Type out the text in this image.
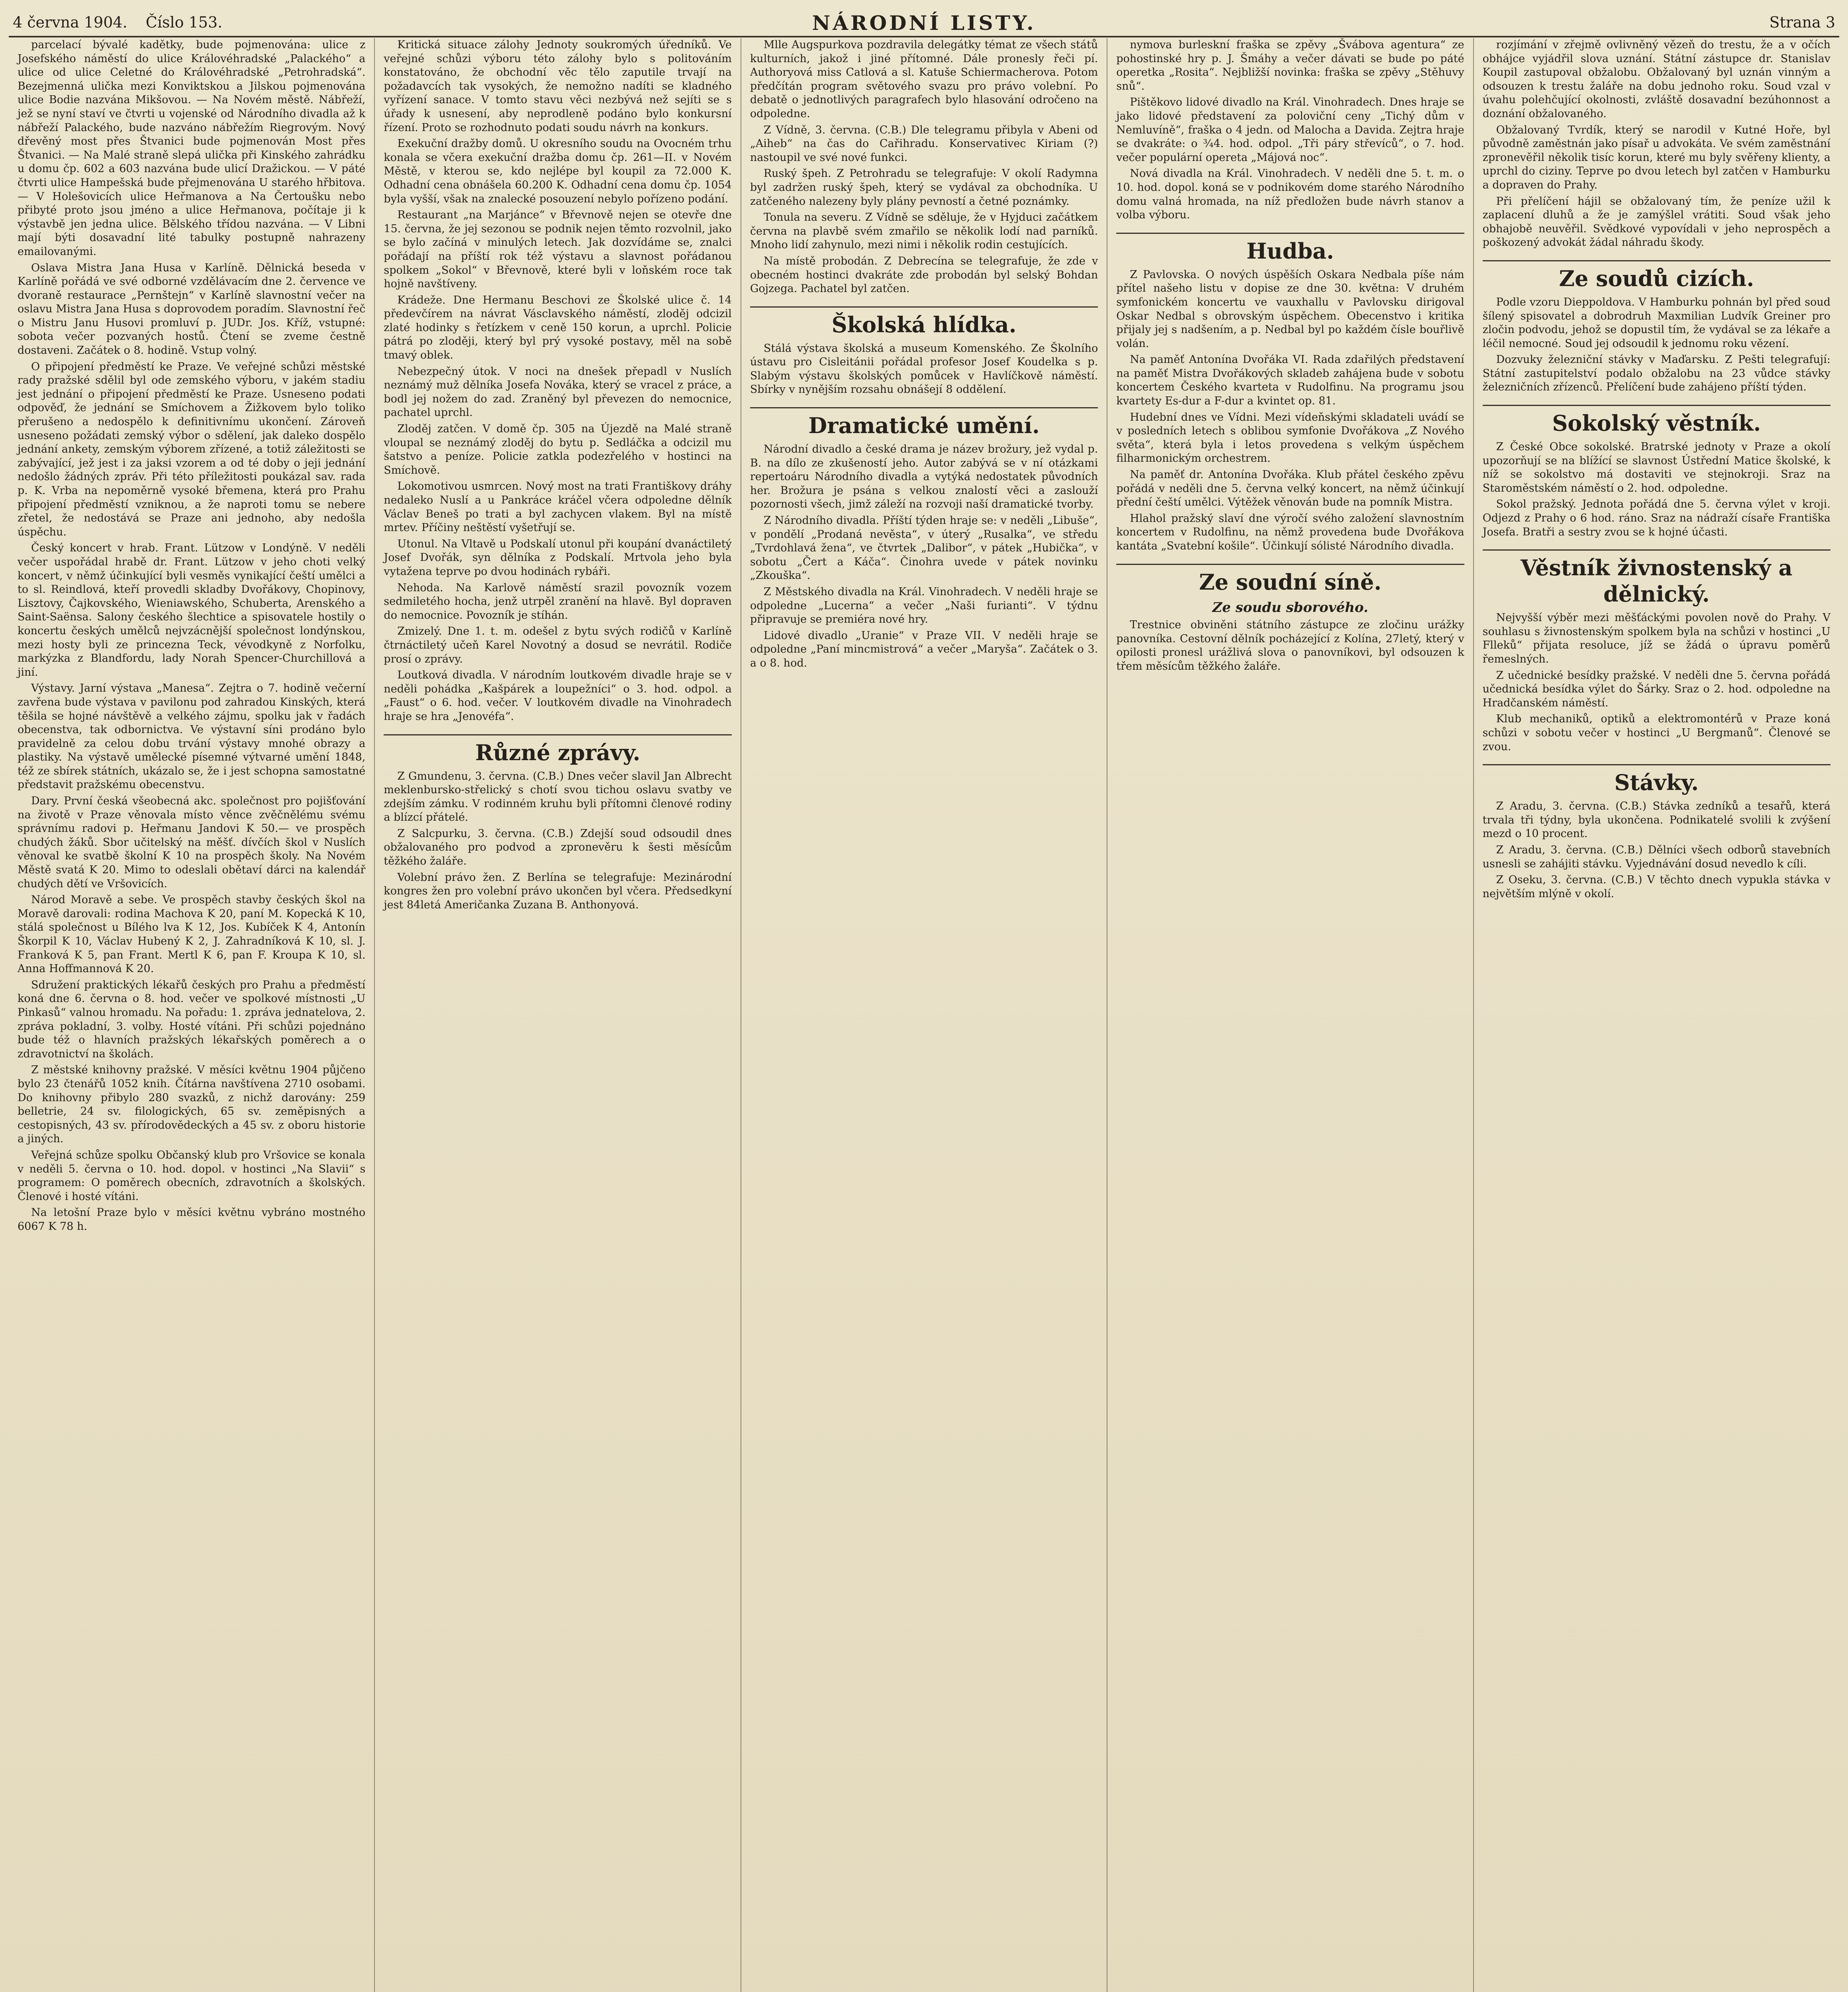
4 června 1904. Číslo 153.	NÁRODNÍ LISTY.	Strana 3

parcelací bývalé kadětky, bude pojmenována: ulice z Josefského náměstí do ulice Královéhradské „Palackého“ a ulice od ulice Celetné do Královéhradské „Petrohradská“. Bezejmenná ulička mezi Konviktskou a Jilskou pojmenována ulice Bodie nazvána Mikšovou. — Na Novém městě. Nábřeží, jež se nyní staví ve čtvrti u vojenské od Národního divadla až k nábřeží Palackého, bude nazváno nábřežím Riegrovým. Nový dřevěný most přes Štvanici bude pojmenován Most přes Štvanici. — Na Malé straně slepá ulička při Kinského zahrádku u domu čp. 602 a 603 nazvána bude ulicí Dražickou. — V páté čtvrti ulice Hampešská bude přejmenována U starého hřbitova. — V Holešovicích ulice Heřmanova a Na Čertoušku nebo přibyté proto jsou jméno a ulice Heřmanova, počítaje ji k výstavbě jen jedna ulice. Bělského třídou nazvána. — V Libni mají býti dosavadní lité tabulky postupně nahrazeny emailovanými.

Oslava Mistra Jana Husa v Karlíně. Dělnická beseda v Karlíně pořádá ve své odborné vzdělávacím dne 2. července ve dvoraně restaurace „Pernštejn“ v Karlíně slavnostní večer na oslavu Mistra Jana Husa s doprovodem poradím. Slavnostní řeč o Mistru Janu Husovi promluví p. JUDr. Jos. Kříž, vstupné: sobota večer pozvaných hostů. Čtení se zveme čestně dostaveni. Začátek o 8. hodině. Vstup volný.

O připojení předměstí ke Praze. Ve veřejné schůzi městské rady pražské sdělil byl ode zemského výboru, v jakém stadiu jest jednání o připojení předměstí ke Praze. Usneseno podati odpověď, že jednání se Smíchovem a Žižkovem bylo toliko přerušeno a nedospělo k definitivnímu ukončení. Zároveň usneseno požádati zemský výbor o sdělení, jak daleko dospělo jednání ankety, zemským výborem zřízené, a totiž záležitosti se zabývající, jež jest i za jaksi vzorem a od té doby o jeji jednání nedošlo žádných zpráv. Při této příležitosti poukázal sav. rada p. K. Vrba na nepoměrně vysoké břemena, která pro Prahu připojení předměstí vzniknou, a že naproti tomu se nebere zřetel, že nedostává se Praze ani jednoho, aby nedošla úspěchu.

Český koncert v hrab. Frant. Lützow v Londýně. V neděli večer uspořádal hrabě dr. Frant. Lützow v jeho choti velký koncert, v němž účinkující byli vesměs vynikající čeští umělci a to sl. Reindlová, kteří provedli skladby Dvořákovy, Chopinovy, Lisztovy, Čajkovského, Wieniawského, Schuberta, Arenského a Saint-Saënsa. Salony českého šlechtice a spisovatele hostily o koncertu českých umělců nejvzácnější společnost londýnskou, mezi hosty byli ze princezna Teck, vévodkyně z Norfolku, markýzka z Blandfordu, lady Norah Spencer-Churchillová a jiní.

Výstavy. Jarní výstava „Manesa“. Zejtra o 7. hodině večerní zavřena bude výstava v pavilonu pod zahradou Kinských, která těšila se hojné návštěvě a velkého zájmu, spolku jak v řadách obecenstva, tak odbornictva. Ve výstavní síni prodáno bylo pravidelně za celou dobu trvání výstavy mnohé obrazy a plastiky. Na výstavě umělecké písemné výtvarné umění 1848, též ze sbírek státních, ukázalo se, že i jest schopna samostatné představit pražskému obecenstvu.

Dary. První česká všeobecná akc. společnost pro pojišťování na životě v Praze věnovala místo věnce zvěčnělému svému správnímu radovi p. Heřmanu Jandovi K 50.— ve prospěch chudých žáků. Sbor učitelský na měšť. dívčích škol v Nuslích věnoval ke svatbě školní K 10 na prospěch školy. Na Novém Městě svatá K 20. Mimo to odeslali obětaví dárci na kalendář chudých dětí ve Vršovicích.

Národ Moravě a sebe. Ve prospěch stavby českých škol na Moravě darovali: rodina Machova K 20, paní M. Kopecká K 10, stálá společnost u Bílého lva K 12, Jos. Kubíček K 4, Antonín Škorpil K 10, Václav Hubený K 2, J. Zahradníková K 10, sl. J. Franková K 5, pan Frant. Mertl K 6, pan F. Kroupa K 10, sl. Anna Hoffmannová K 20.

Sdružení praktických lékařů českých pro Prahu a předměstí koná dne 6. června o 8. hod. večer ve spolkové místnosti „U Pinkasů“ valnou hromadu. Na pořadu: 1. zpráva jednatelova, 2. zpráva pokladní, 3. volby. Hosté vítáni. Při schůzi pojednáno bude též o hlavních pražských lékařských poměrech a o zdravotnictví na školách.

Z městské knihovny pražské. V měsíci květnu 1904 půjčeno bylo 23 čtenářů 1052 knih. Čítárna navštívena 2710 osobami. Do knihovny přibylo 280 svazků, z nichž darovány: 259 belletrie, 24 sv. filologických, 65 sv. zeměpisných a cestopisných, 43 sv. přírodovědeckých a 45 sv. z oboru historie a jiných.

Veřejná schůze spolku Občanský klub pro Vršovice se konala v neděli 5. června o 10. hod. dopol. v hostinci „Na Slavii“ s programem: O poměrech obecních, zdravotních a školských. Členové i hosté vítáni.

Na letošní Praze bylo v měsíci květnu vybráno mostného 6067 K 78 h.

Kritická situace zálohy Jednoty soukromých úředníků. Ve veřejné schůzi výboru této zálohy bylo s politováním konstatováno, že obchodní věc tělo zaputile trvají na požadavcích tak vysokých, že nemožno nadíti se kladného vyřízení sanace. V tomto stavu věci nezbývá než sejíti se s úřady k usnesení, aby neprodleně podáno bylo konkursní řízení. Proto se rozhodnuto podati soudu návrh na konkurs.

Exekuční dražby domů. U okresního soudu na Ovocném trhu konala se včera exekuční dražba domu čp. 261—II. v Novém Městě, v kterou se, kdo nejlépe byl koupil za 72.000 K. Odhadní cena obnášela 60.200 K. Odhadní cena domu čp. 1054 byla vyšší, však na znalecké posouzení nebylo pořízeno podání.

Restaurant „na Marjánce“ v Břevnově nejen se otevře dne 15. června, že jej sezonou se podnik nejen těmto rozvolnil, jako se bylo začíná v minulých letech. Jak dozvídáme se, znalci pořádají na příští rok též výstavu a slavnost pořádanou spolkem „Sokol“ v Břevnově, které byli v loňském roce tak hojně navštíveny.

Krádeže. Dne Hermanu Beschovi ze Školské ulice č. 14 předevčírem na návrat Vásclavského náměstí, zloděj odcizil zlaté hodinky s řetízkem v ceně 150 korun, a uprchl. Policie pátrá po zloději, který byl prý vysoké postavy, měl na sobě tmavý oblek.

Nebezpečný útok. V noci na dnešek přepadl v Nuslích neznámý muž dělníka Josefa Nováka, který se vracel z práce, a bodl jej nožem do zad. Zraněný byl převezen do nemocnice, pachatel uprchl.

Zloděj zatčen. V domě čp. 305 na Újezdě na Malé straně vloupal se neznámý zloděj do bytu p. Sedláčka a odcizil mu šatstvo a peníze. Policie zatkla podezřelého v hostinci na Smíchově.

Lokomotivou usmrcen. Nový most na trati Františkovy dráhy nedaleko Nuslí a u Pankráce kráčel včera odpoledne dělník Václav Beneš po trati a byl zachycen vlakem. Byl na místě mrtev. Příčiny neštěstí vyšetřují se.

Utonul. Na Vltavě u Podskalí utonul při koupání dvanáctiletý Josef Dvořák, syn dělníka z Podskalí. Mrtvola jeho byla vytažena teprve po dvou hodinách rybáři.

Nehoda. Na Karlově náměstí srazil povozník vozem sedmiletého hocha, jenž utrpěl zranění na hlavě. Byl dopraven do nemocnice. Povozník je stíhán.

Zmizelý. Dne 1. t. m. odešel z bytu svých rodičů v Karlíně čtrnáctiletý učeň Karel Novotný a dosud se nevrátil. Rodiče prosí o zprávy.

Loutková divadla. V národním loutkovém divadle hraje se v neděli pohádka „Kašpárek a loupežníci“ o 3. hod. odpol. a „Faust“ o 6. hod. večer. V loutkovém divadle na Vinohradech hraje se hra „Jenovéfa“.

Různé zprávy.

Z Gmundenu, 3. června. (C.B.) Dnes večer slavil Jan Albrecht meklenbursko-střelický s chotí svou tichou oslavu svatby ve zdejším zámku. V rodinném kruhu byli přítomni členové rodiny a blízcí přátelé.

Z Salcpurku, 3. června. (C.B.) Zdejší soud odsoudil dnes obžalovaného pro podvod a zpronevěru k šesti měsícům těžkého žaláře.

Volební právo žen. Z Berlína se telegrafuje: Mezinárodní kongres žen pro volební právo ukončen byl včera. Předsedkyní jest 84letá Američanka Zuzana B. Anthonyová.

Mlle Augspurkova pozdravila delegátky témat ze všech států kulturních, jakož i jiné přítomné. Dále pronesly řeči pí. Authoryová miss Catlová a sl. Katuše Schiermacherova. Potom předčítán program světového svazu pro právo volební. Po debatě o jednotlivých paragrafech bylo hlasování odročeno na odpoledne.

Z Vídně, 3. června. (C.B.) Dle telegramu přibyla v Abeni od „Aiheb“ na čas do Cařihradu. Konservativec Kiriam (?) nastoupil ve své nové funkci.

Ruský špeh. Z Petrohradu se telegrafuje: V okolí Radymna byl zadržen ruský špeh, který se vydával za obchodníka. U zatčeného nalezeny byly plány pevností a četné poznámky.

Tonula na severu. Z Vídně se sděluje, že v Hyjduci začátkem června na plavbě svém zmařilo se několik lodí nad parníků. Mnoho lidí zahynulo, mezi nimi i několik rodin cestujících.

Na místě probodán. Z Debrecína se telegrafuje, že zde v obecném hostinci dvakráte zde probodán byl selský Bohdan Gojzega. Pachatel byl zatčen.

Školská hlídka.

Stálá výstava školská a museum Komenského. Ze Školního ústavu pro Cisleitánii pořádal profesor Josef Koudelka s p. Slabým výstavu školských pomůcek v Havlíčkově náměstí. Sbírky v nynějším rozsahu obnášejí 8 oddělení.

Dramatické umění.

Národní divadlo a české drama je název brožury, jež vydal p. B. na dílo ze zkušeností jeho. Autor zabývá se v ní otázkami repertoáru Národního divadla a vytýká nedostatek původních her. Brožura je psána s velkou znalostí věci a zaslouží pozornosti všech, jimž záleží na rozvoji naší dramatické tvorby.

Z Národního divadla. Příští týden hraje se: v neděli „Libuše“, v pondělí „Prodaná nevěsta“, v úterý „Rusalka“, ve středu „Tvrdohlavá žena“, ve čtvrtek „Dalibor“, v pátek „Hubička“, v sobotu „Čert a Káča“. Činohra uvede v pátek novinku „Zkouška“.

Z Městského divadla na Král. Vinohradech. V neděli hraje se odpoledne „Lucerna“ a večer „Naši furianti“. V týdnu připravuje se premiéra nové hry.

Lidové divadlo „Uranie“ v Praze VII. V neděli hraje se odpoledne „Paní mincmistrová“ a večer „Maryša“. Začátek o 3. a o 8. hod.

nymova burleskní fraška se zpěvy „Švábova agentura“ ze pohostinské hry p. J. Šmáhy a večer dávati se bude po páté operetka „Rosita“. Nejbližší novinka: fraška se zpěvy „Stěhuvy snů“.

Pištěkovo lidové divadlo na Král. Vinohradech. Dnes hraje se jako lidové představení za poloviční ceny „Tichý dům v Nemluvíně“, fraška o 4 jedn. od Malocha a Davida. Zejtra hraje se dvakráte: o ¾4. hod. odpol. „Tři páry střevíců“, o 7. hod. večer populární opereta „Májová noc“.

Nová divadla na Král. Vinohradech. V neděli dne 5. t. m. o 10. hod. dopol. koná se v podnikovém dome starého Národního domu valná hromada, na níž předložen bude návrh stanov a volba výboru.

Hudba.

Z Pavlovska. O nových úspěších Oskara Nedbala píše nám přítel našeho listu v dopise ze dne 30. května: V druhém symfonickém koncertu ve vauxhallu v Pavlovsku dirigoval Oskar Nedbal s obrovským úspěchem. Obecenstvo i kritika přijaly jej s nadšením, a p. Nedbal byl po každém čísle bouřlivě volán.

Na paměť Antonína Dvořáka VI. Rada zdařilých představení na paměť Mistra Dvořákových skladeb zahájena bude v sobotu koncertem Českého kvarteta v Rudolfinu. Na programu jsou kvartety Es-dur a F-dur a kvintet op. 81.

Hudební dnes ve Vídni. Mezi vídeňskými skladateli uvádí se v posledních letech s oblibou symfonie Dvořákova „Z Nového světa“, která byla i letos provedena s velkým úspěchem filharmonickým orchestrem.

Na paměť dr. Antonína Dvořáka. Klub přátel českého zpěvu pořádá v neděli dne 5. června velký koncert, na němž účinkují přední čeští umělci. Výtěžek věnován bude na pomník Mistra.

Hlahol pražský slaví dne výročí svého založení slavnostním koncertem v Rudolfinu, na němž provedena bude Dvořákova kantáta „Svatební košile“. Účinkují sólisté Národního divadla.

Ze soudní síně.
Ze soudu sborového.

Trestnice obviněni státního zástupce ze zločinu urážky panovníka. Cestovní dělník pocházející z Kolína, 27letý, který v opilosti pronesl urážlivá slova o panovníkovi, byl odsouzen k třem měsícům těžkého žaláře.

rozjímání v zřejmě ovlivněný vězeň do trestu, že a v očích obhájce vyjádřil slova uznání. Státní zástupce dr. Stanislav Koupil zastupoval obžalobu. Obžalovaný byl uznán vinným a odsouzen k trestu žaláře na dobu jednoho roku. Soud vzal v úvahu polehčující okolnosti, zvláště dosavadní bezúhonnost a doznání obžalovaného.

Obžalovaný Tvrdík, který se narodil v Kutné Hoře, byl původně zaměstnán jako písař u advokáta. Ve svém zaměstnání zpronevěřil několik tisíc korun, které mu byly svěřeny klienty, a uprchl do ciziny. Teprve po dvou letech byl zatčen v Hamburku a dopraven do Prahy.

Při přelíčení hájil se obžalovaný tím, že peníze užil k zaplacení dluhů a že je zamýšlel vrátiti. Soud však jeho obhajobě neuvěřil. Svědkové vypovídali v jeho neprospěch a poškozený advokát žádal náhradu škody.

Ze soudů cizích.

Podle vzoru Dieppoldova. V Hamburku pohnán byl před soud šílený spisovatel a dobrodruh Maxmilian Ludvík Greiner pro zločin podvodu, jehož se dopustil tím, že vydával se za lékaře a léčil nemocné. Soud jej odsoudil k jednomu roku vězení.

Dozvuky železniční stávky v Maďarsku. Z Pešti telegrafují: Státní zastupitelství podalo obžalobu na 23 vůdce stávky železničních zřízenců. Přelíčení bude zahájeno příští týden.

Sokolský věstník.

Z České Obce sokolské. Bratrské jednoty v Praze a okolí upozorňují se na blížící se slavnost Ústřední Matice školské, k níž se sokolstvo má dostaviti ve stejnokroji. Sraz na Staroměstském náměstí o 2. hod. odpoledne.

Sokol pražský. Jednota pořádá dne 5. června výlet v kroji. Odjezd z Prahy o 6 hod. ráno. Sraz na nádraží císaře Františka Josefa. Bratři a sestry zvou se k hojné účasti.

Věstník živnostenský a dělnický.

Nejvyšší výběr mezi měšťáckými povolen nově do Prahy. V souhlasu s živnostenským spolkem byla na schůzi v hostinci „U Flleků“ přijata resoluce, jíž se žádá o úpravu poměrů řemeslných.

Z učednické besídky pražské. V neděli dne 5. června pořádá učednická besídka výlet do Šárky. Sraz o 2. hod. odpoledne na Hradčanském náměstí.

Klub mechaniků, optiků a elektromontérů v Praze koná schůzi v sobotu večer v hostinci „U Bergmanů“. Členové se zvou.

Stávky.

Z Aradu, 3. června. (C.B.) Stávka zedníků a tesařů, která trvala tři týdny, byla ukončena. Podnikatelé svolili k zvýšení mezd o 10 procent.

Z Aradu, 3. června. (C.B.) Dělníci všech odborů stavebních usnesli se zahájiti stávku. Vyjednávání dosud nevedlo k cíli.

Z Oseku, 3. června. (C.B.) V těchto dnech vypukla stávka v největším mlýně v okolí.
